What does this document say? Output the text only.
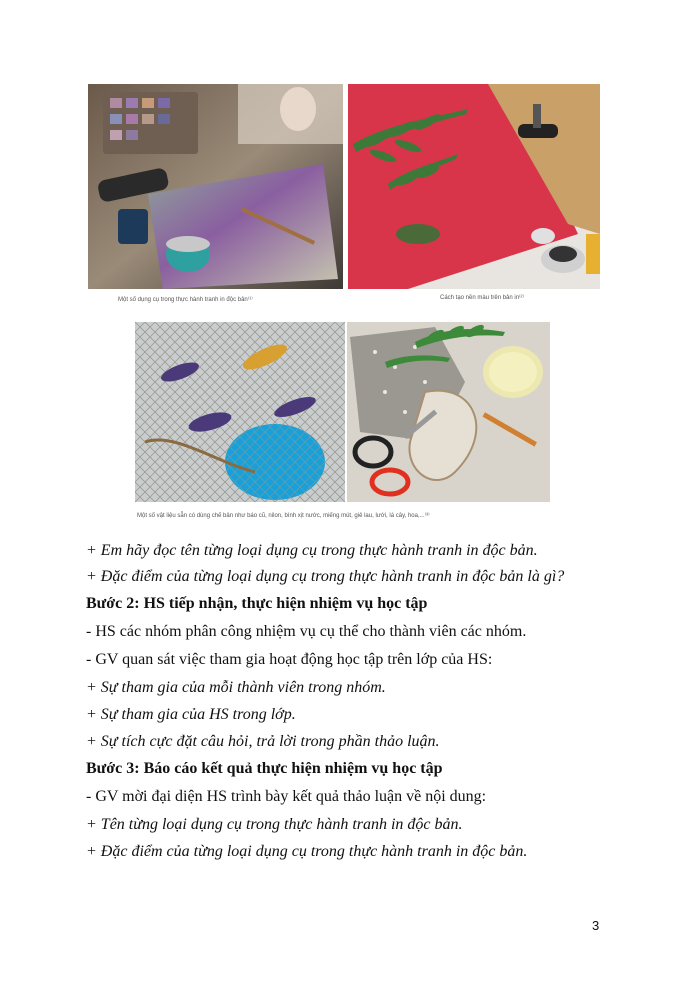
Một số dụng cụ trong thực hành tranh in độc bản⁽¹⁾	Cách tạo nền màu trên bản in⁽²⁾
Một số vật liệu sẵn có dùng chế bản như báo cũ, nilon, bình xịt nước, miếng mút, giẻ lau, lưới, lá cây, hoa,...⁽³⁾
+ Em hãy đọc tên từng loại dụng cụ trong thực hành tranh in độc bản.
+ Đặc điểm của từng loại dụng cụ trong thực hành tranh in độc bản là gì?
Bước 2: HS tiếp nhận, thực hiện nhiệm vụ học tập
- HS các nhóm phân công nhiệm vụ cụ thể cho thành viên các nhóm.
- GV quan sát việc tham gia hoạt động học tập trên lớp của HS:
+ Sự tham gia của mỗi thành viên trong nhóm.
+ Sự tham gia của HS trong lớp.
+ Sự tích cực đặt câu hỏi, trả lời trong phần thảo luận.
Bước 3: Báo cáo kết quả thực hiện nhiệm vụ học tập
- GV mời đại diện HS trình bày kết quả thảo luận về nội dung:
+ Tên từng loại dụng cụ trong thực hành tranh in độc bản.
+ Đặc điểm của từng loại dụng cụ trong thực hành tranh in độc bản.
3
